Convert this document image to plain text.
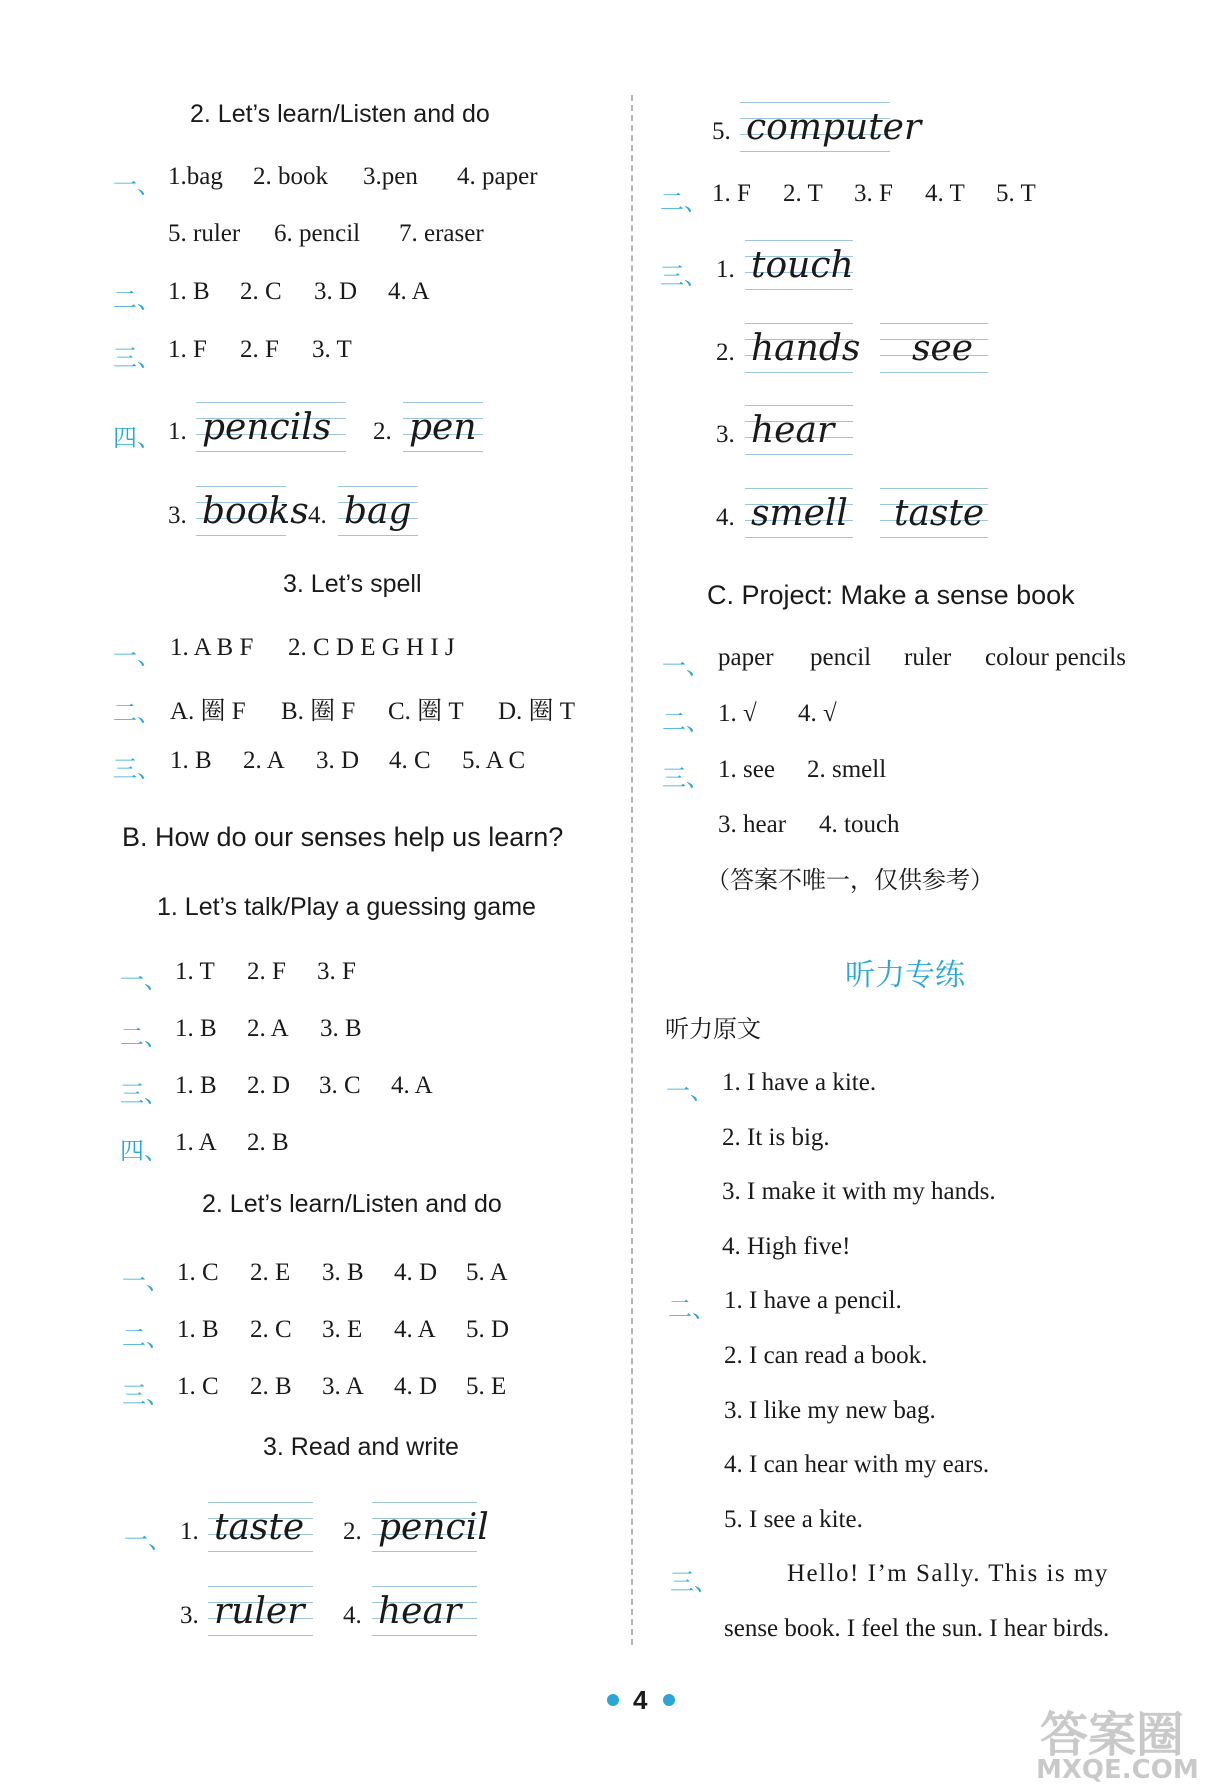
2. Let’s learn/Listen and do
一、 1.bag 2. book 3.pen 4. paper
5. ruler 6. pencil 7. eraser
二、 1. B 2. C 3. D 4. A
三、 1. F 2. F 3. T
四、 1. pencils 2. pen
3. books 4. bag
3. Let’s spell
一、 1. A B F 2. C D E G H I J
二、 A. 圈 F B. 圈 F C. 圈 T D. 圈 T
三、 1. B 2. A 3. D 4. C 5. A C
B. How do our senses help us learn?
1. Let’s talk/Play a guessing game
一、 1. T 2. F 3. F
二、 1. B 2. A 3. B
三、 1. B 2. D 3. C 4. A
四、 1. A 2. B
2. Let’s learn/Listen and do
一、 1. C 2. E 3. B 4. D 5. A
二、 1. B 2. C 3. E 4. A 5. D
三、 1. C 2. B 3. A 4. D 5. E
3. Read and write
一、 1. taste 2. pencil
3. ruler 4. hear
5. computer
二、 1. F 2. T 3. F 4. T 5. T
三、 1. touch
2. hands see
3. hear
4. smell taste
C. Project: Make a sense book
一、 paper pencil ruler colour pencils
二、 1. √ 4. √
三、 1. see 2. smell
3. hear 4. touch
（答案不唯一，仅供参考）
听力专练
听力原文
一、 1. I have a kite.
2. It is big.
3. I make it with my hands.
4. High five!
二、 1. I have a pencil.
2. I can read a book.
3. I like my new bag.
4. I can hear with my ears.
5. I see a kite.
三、	Hello! I’m Sally. This is my
sense book. I feel the sun. I hear birds.
4
答案圈
MXQE.COM
